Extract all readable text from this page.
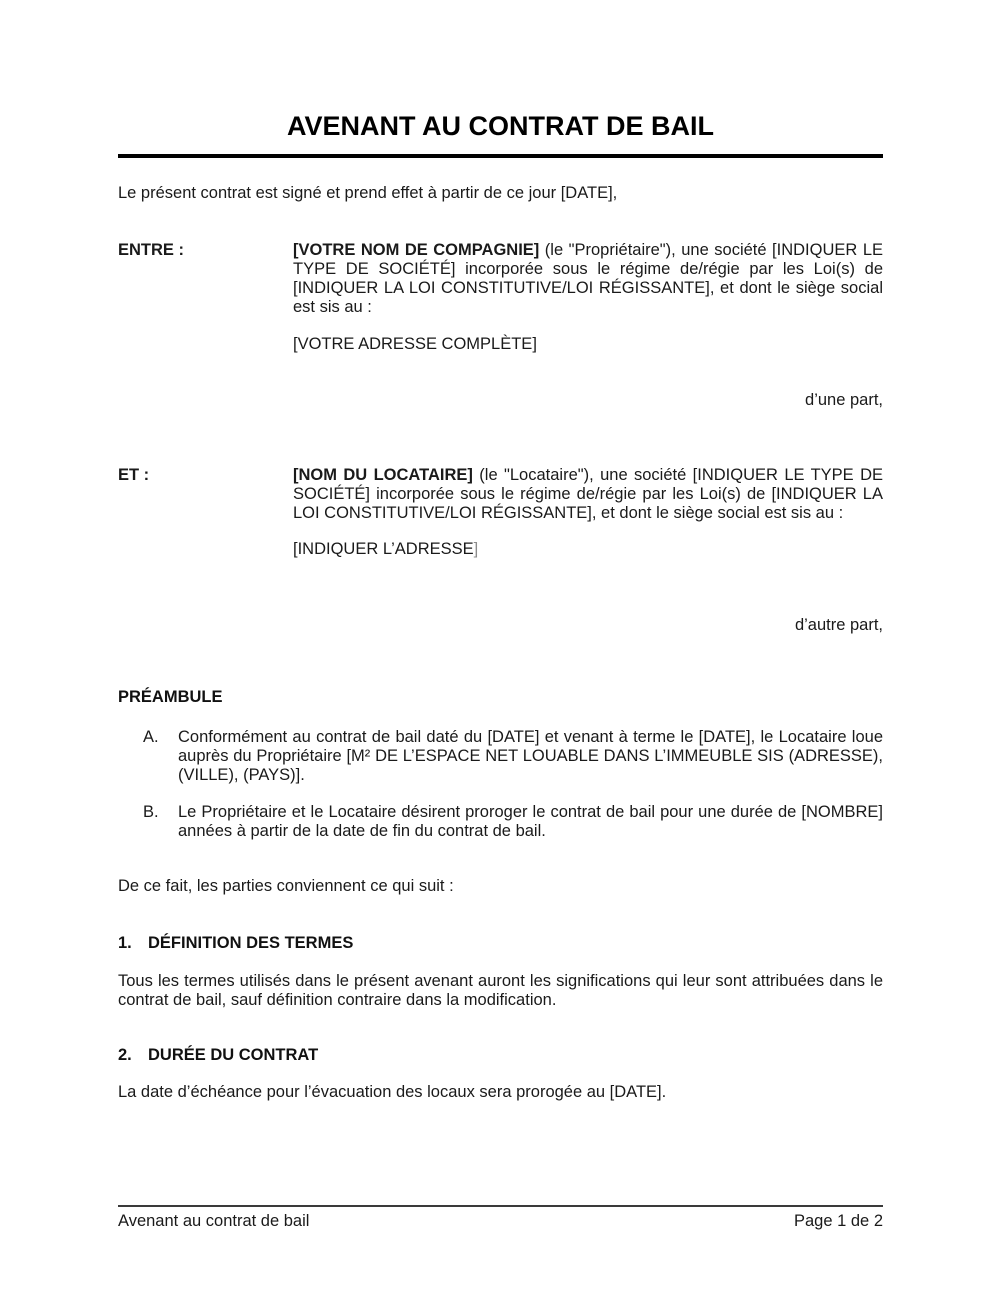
AVENANT AU CONTRAT DE BAIL

Le présent contrat est signé et prend effet à partir de ce jour [DATE],

ENTRE :	[VOTRE NOM DE COMPAGNIE] (le "Propriétaire"), une société [INDIQUER LE TYPE DE SOCIÉTÉ] incorporée sous le régime de/régie par les Loi(s) de [INDIQUER LA LOI CONSTITUTIVE/LOI RÉGISSANTE], et dont le siège social est sis au :

[VOTRE ADRESSE COMPLÈTE]

d’une part,

ET :	[NOM DU LOCATAIRE] (le "Locataire"), une société [INDIQUER LE TYPE DE SOCIÉTÉ] incorporée sous le régime de/régie par les Loi(s) de [INDIQUER LA LOI CONSTITUTIVE/LOI RÉGISSANTE], et dont le siège social est sis au :

[INDIQUER L’ADRESSE]

d’autre part,

PRÉAMBULE
A.	Conformément au contrat de bail daté du [DATE] et venant à terme le [DATE], le Locataire loue auprès du Propriétaire [M² DE L’ESPACE NET LOUABLE DANS L’IMMEUBLE SIS (ADRESSE), (VILLE), (PAYS)].

B.	Le Propriétaire et le Locataire désirent proroger le contrat de bail pour une durée de [NOMBRE] années à partir de la date de fin du contrat de bail.

De ce fait, les parties conviennent ce qui suit :

1. DÉFINITION DES TERMES

Tous les termes utilisés dans le présent avenant auront les significations qui leur sont attribuées dans le contrat de bail, sauf définition contraire dans la modification.

2. DURÉE DU CONTRAT

La date d’échéance pour l’évacuation des locaux sera prorogée au [DATE].

Avenant au contrat de bail	Page 1 de 2
